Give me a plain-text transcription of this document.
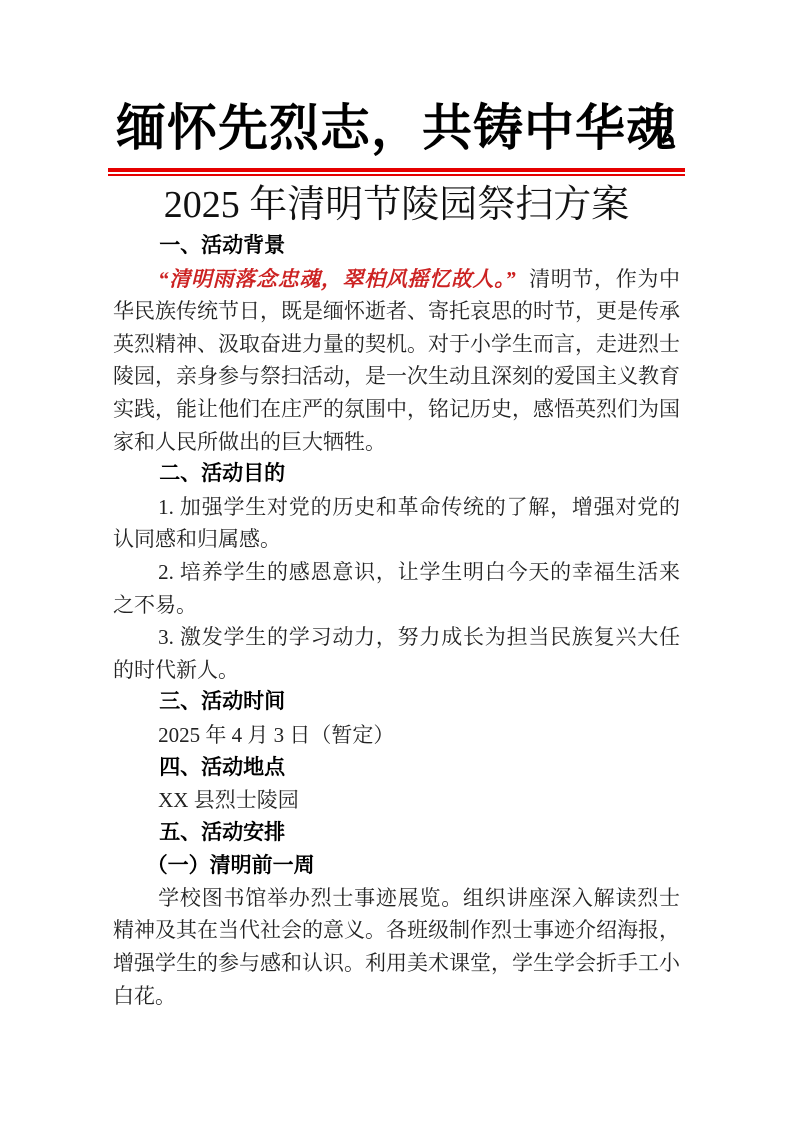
缅怀先烈志，共铸中华魂
2025 年清明节陵园祭扫方案
一、活动背景

“清明雨落念忠魂，翠柏风摇忆故人。” 清明节，作为中华民族传统节日，既是缅怀逝者、寄托哀思的时节，更是传承英烈精神、汲取奋进力量的契机。对于小学生而言，走进烈士陵园，亲身参与祭扫活动，是一次生动且深刻的爱国主义教育实践，能让他们在庄严的氛围中，铭记历史，感悟英烈们为国家和人民所做出的巨大牺牲。

二、活动目的

1. 加强学生对党的历史和革命传统的了解，增强对党的认同感和归属感。

2. 培养学生的感恩意识，让学生明白今天的幸福生活来之不易。

3. 激发学生的学习动力，努力成长为担当民族复兴大任的时代新人。

三、活动时间

2025 年 4 月 3 日（暂定）

四、活动地点

XX 县烈士陵园

五、活动安排
（一）清明前一周

学校图书馆举办烈士事迹展览。组织讲座深入解读烈士精神及其在当代社会的意义。各班级制作烈士事迹介绍海报，增强学生的参与感和认识。利用美术课堂，学生学会折手工小白花。
